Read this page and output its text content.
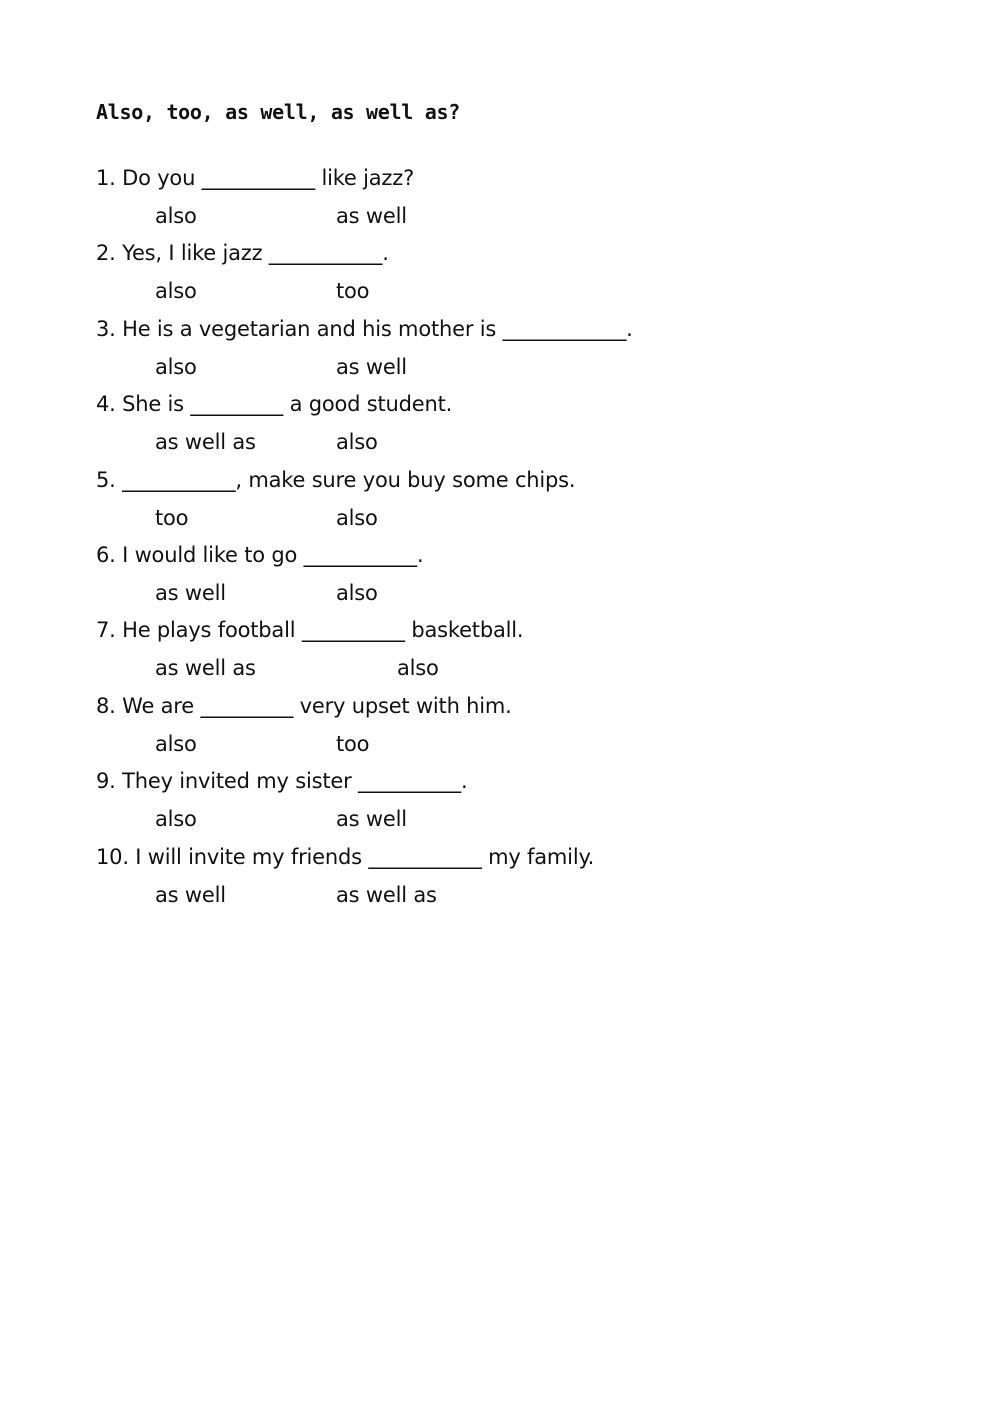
Also, too, as well, as well as?
1. Do you ___________ like jazz?
also	as well
2. Yes, I like jazz ___________.
also	too
3. He is a vegetarian and his mother is ____________.
also	as well
4. She is _________ a good student.
as well as	also
5. ___________, make sure you buy some chips.
too	also
6. I would like to go ___________.
as well	also
7. He plays football __________ basketball.
as well as	also
8. We are _________ very upset with him.
also	too
9. They invited my sister __________.
also	as well
10. I will invite my friends ___________ my family.
as well	as well as
